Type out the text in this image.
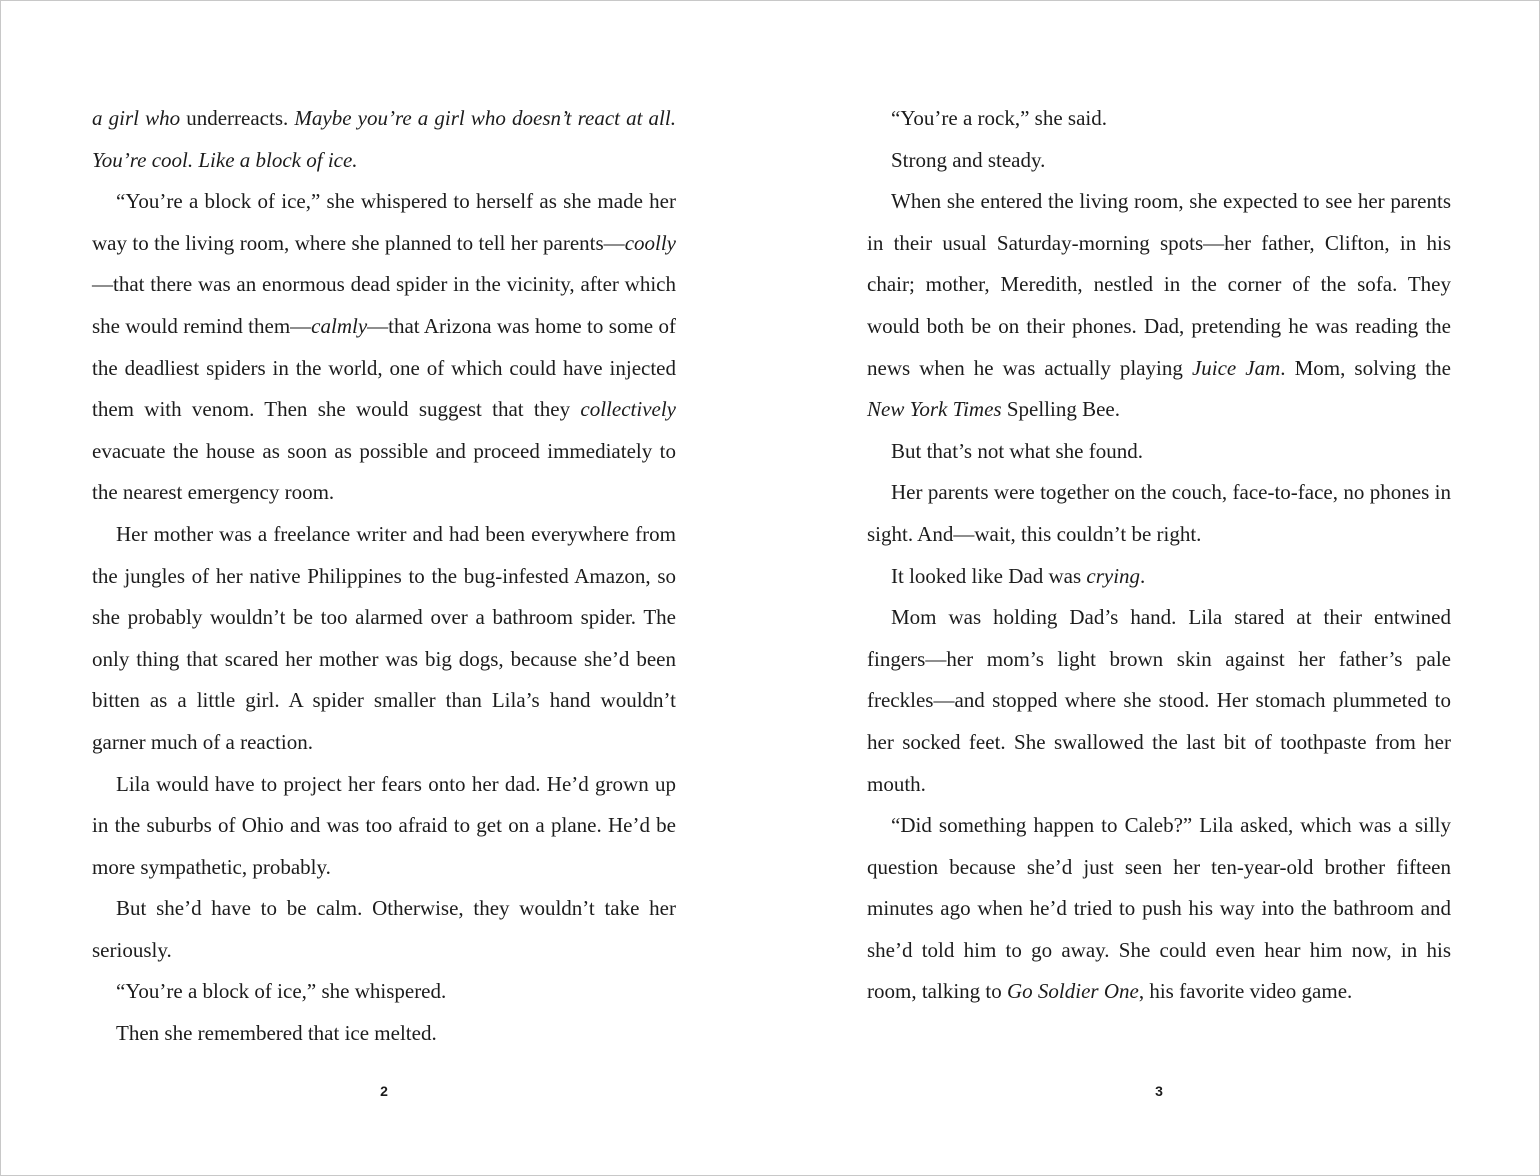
a girl who underreacts. Maybe you’re a girl who doesn’t react at all. You’re cool. Like a block of ice.

“You’re a block of ice,” she whispered to herself as she made her way to the living room, where she planned to tell her parents—coolly—that there was an enormous dead spider in the vicinity, after which she would remind them—calmly—that Arizona was home to some of the deadliest spiders in the world, one of which could have injected them with venom. Then she would suggest that they collectively evacuate the house as soon as possible and proceed immediately to the nearest emergency room.

Her mother was a freelance writer and had been everywhere from the jungles of her native Philippines to the bug-infested Amazon, so she probably wouldn’t be too alarmed over a bathroom spider. The only thing that scared her mother was big dogs, because she’d been bitten as a little girl. A spider smaller than Lila’s hand wouldn’t garner much of a reaction.

Lila would have to project her fears onto her dad. He’d grown up in the suburbs of Ohio and was too afraid to get on a plane. He’d be more sympathetic, probably.

But she’d have to be calm. Otherwise, they wouldn’t take her seriously.

“You’re a block of ice,” she whispered.

Then she remembered that ice melted.

2

“You’re a rock,” she said.

Strong and steady.

When she entered the living room, she expected to see her parents in their usual Saturday-morning spots—her father, Clifton, in his chair; mother, Meredith, nestled in the corner of the sofa. They would both be on their phones. Dad, pretending he was reading the news when he was actually playing Juice Jam. Mom, solving the New York Times Spelling Bee.

But that’s not what she found.

Her parents were together on the couch, face-to-face, no phones in sight. And—wait, this couldn’t be right.

It looked like Dad was crying.

Mom was holding Dad’s hand. Lila stared at their entwined fingers—her mom’s light brown skin against her father’s pale freckles—and stopped where she stood. Her stomach plummeted to her socked feet. She swallowed the last bit of toothpaste from her mouth.

“Did something happen to Caleb?” Lila asked, which was a silly question because she’d just seen her ten-year-old brother fifteen minutes ago when he’d tried to push his way into the bathroom and she’d told him to go away. She could even hear him now, in his room, talking to Go Soldier One, his favorite video game.

3
